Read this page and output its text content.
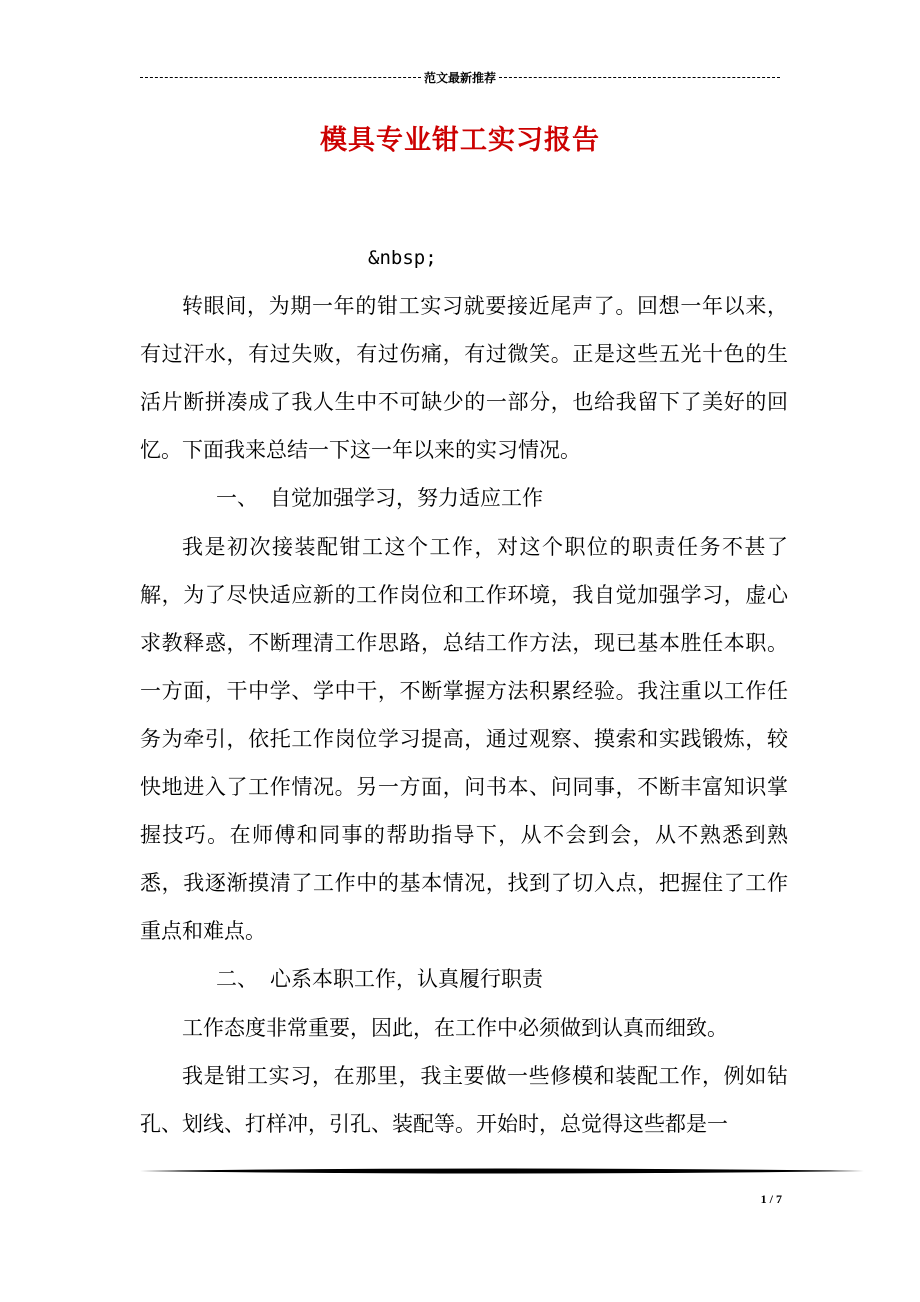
范文最新推荐
模具专业钳工实习报告

&nbsp;

转眼间，为期一年的钳工实习就要接近尾声了。回想一年以来，有过汗水，有过失败，有过伤痛，有过微笑。正是这些五光十色的生活片断拼凑成了我人生中不可缺少的一部分，也给我留下了美好的回忆。下面我来总结一下这一年以来的实习情况。

一、 自觉加强学习，努力适应工作

我是初次接装配钳工这个工作，对这个职位的职责任务不甚了解，为了尽快适应新的工作岗位和工作环境，我自觉加强学习，虚心求教释惑，不断理清工作思路，总结工作方法，现已基本胜任本职。一方面，干中学、学中干，不断掌握方法积累经验。我注重以工作任务为牵引，依托工作岗位学习提高，通过观察、摸索和实践锻炼，较快地进入了工作情况。另一方面，问书本、问同事，不断丰富知识掌握技巧。在师傅和同事的帮助指导下，从不会到会，从不熟悉到熟悉，我逐渐摸清了工作中的基本情况，找到了切入点，把握住了工作重点和难点。

二、 心系本职工作，认真履行职责

工作态度非常重要，因此，在工作中必须做到认真而细致。

我是钳工实习，在那里，我主要做一些修模和装配工作，例如钻孔、划线、打样冲，引孔、装配等。开始时，总觉得这些都是一

1 / 7
